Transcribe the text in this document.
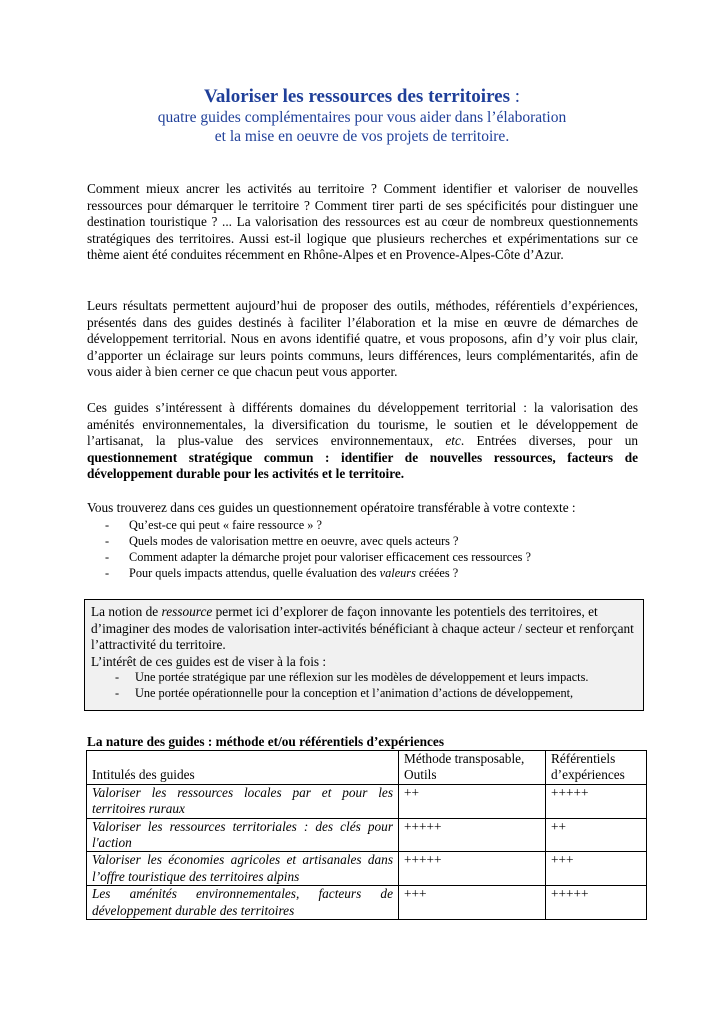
Valoriser les ressources des territoires :
quatre guides complémentaires pour vous aider dans l’élaboration
et la mise en oeuvre de vos projets de territoire.

Comment mieux ancrer les activités au territoire ? Comment identifier et valoriser de nouvelles ressources pour démarquer le territoire ? Comment tirer parti de ses spécificités pour distinguer une destination touristique ? ... La valorisation des ressources est au cœur de nombreux questionnements stratégiques des territoires. Aussi est-il logique que plusieurs recherches et expérimentations sur ce thème aient été conduites récemment en Rhône-Alpes et en Provence-Alpes-Côte d’Azur.

Leurs résultats permettent aujourd’hui de proposer des outils, méthodes, référentiels d’expériences, présentés dans des guides destinés à faciliter l’élaboration et la mise en œuvre de démarches de développement territorial. Nous en avons identifié quatre, et vous proposons, afin d’y voir plus clair, d’apporter un éclairage sur leurs points communs, leurs différences, leurs complémentarités, afin de vous aider à bien cerner ce que chacun peut vous apporter.

Ces guides s’intéressent à différents domaines du développement territorial : la valorisation des aménités environnementales, la diversification du tourisme, le soutien et le développement de l’artisanat, la plus-value des services environnementaux, etc. Entrées diverses, pour un questionnement stratégique commun : identifier de nouvelles ressources, facteurs de développement durable pour les activités et le territoire.

Vous trouverez dans ces guides un questionnement opératoire transférable à votre contexte :

- Qu’est-ce qui peut « faire ressource » ?
- Quels modes de valorisation mettre en oeuvre, avec quels acteurs ?
- Comment adapter la démarche projet pour valoriser efficacement ces ressources ?
- Pour quels impacts attendus, quelle évaluation des valeurs créées ?

La notion de ressource permet ici d’explorer de façon innovante les potentiels des territoires, et d’imaginer des modes de valorisation inter-activités bénéficiant à chaque acteur / secteur et renforçant l’attractivité du territoire.

L’intérêt de ces guides est de viser à la fois :

- Une portée stratégique par une réflexion sur les modèles de développement et leurs impacts.
- Une portée opérationnelle pour la conception et l’animation d’actions de développement,
La nature des guides : méthode et/ou référentiels d’expériences
Intitulés des guides	Méthode transposable, Outils	Référentiels d’expériences
Valoriser les ressources locales par et pour les territoires ruraux	++	+++++
Valoriser les ressources territoriales : des clés pour l'action	+++++	++
Valoriser les économies agricoles et artisanales dans l’offre touristique des territoires alpins	+++++	+++
Les aménités environnementales, facteurs de développement durable des territoires	+++	+++++
